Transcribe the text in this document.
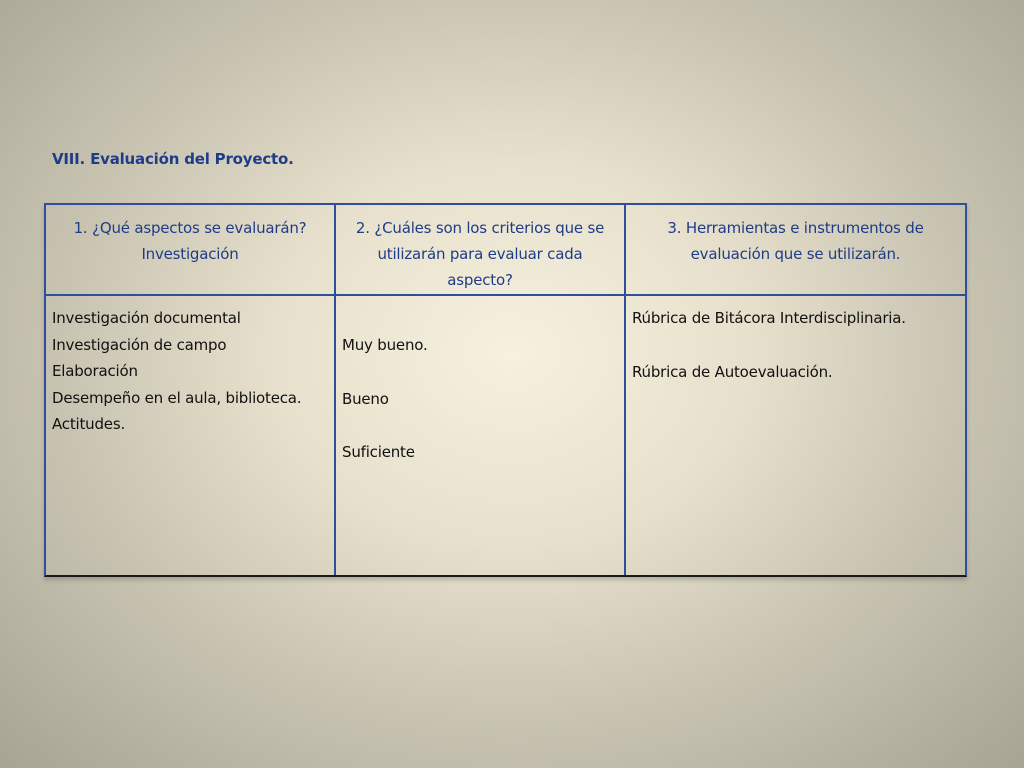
VIII. Evaluación del Proyecto.
1. ¿Qué aspectos se evaluarán?
Investigación
2. ¿Cuáles son los criterios que se
utilizarán para evaluar cada aspecto?
3. Herramientas e instrumentos de
evaluación que se utilizarán.
Investigación documental
Investigación de campo
Elaboración
Desempeño en el aula, biblioteca.
Actitudes.
Muy bueno.
Bueno
Suficiente
Rúbrica de Bitácora Interdisciplinaria.
Rúbrica de Autoevaluación.
